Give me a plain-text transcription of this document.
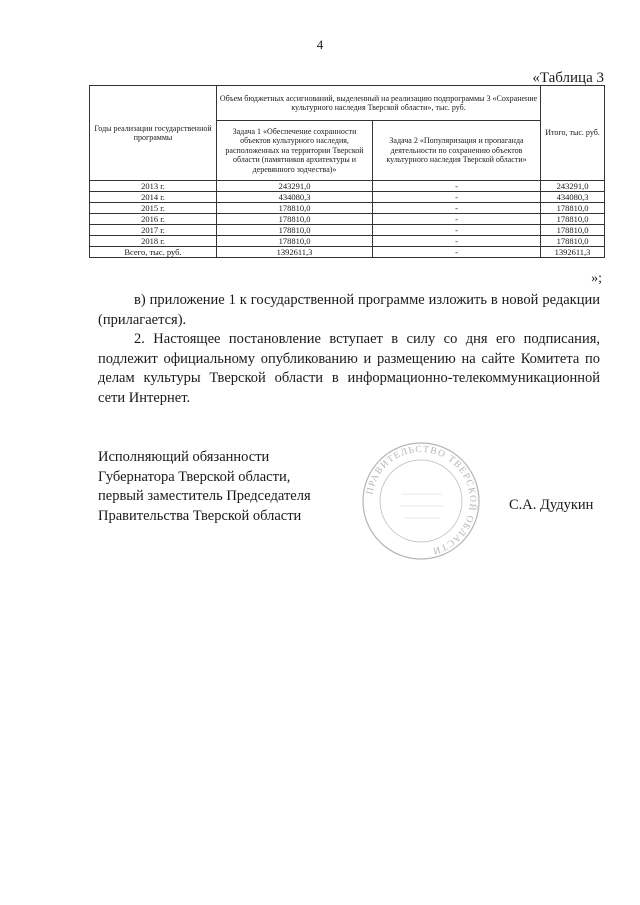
4
«Таблица 3
Годы реализации государственной программы	Объем бюджетных ассигнований, выделенный на реализацию подпрограммы 3 «Сохранение культурного наследия Тверской области», тыс. руб.		Итого, тыс. руб.
	Задача 1 «Обеспечение сохранности объектов культурного наследия, расположенных на территории Тверской области (памятников архитектуры и деревянного зодчества)»	Задача 2 «Популяризация и пропаганда деятельности по сохранению объектов культурного наследия Тверской области»	
2013 г.	243291,0	-	243291,0
2014 г.	434080,3	-	434080,3
2015 г.	178810,0	-	178810,0
2016 г.	178810,0	-	178810,0
2017 г.	178810,0	-	178810,0
2018 г.	178810,0	-	178810,0
Всего, тыс. руб.	1392611,3	-	1392611,3
»;

в) приложение 1 к государственной программе изложить в новой редакции (прилагается).

2. Настоящее постановление вступает в силу со дня его подписания, подлежит официальному опубликованию и размещению на сайте Комитета по делам культуры Тверской области в информационно-телекоммуникационной сети Интернет.

Исполняющий обязанности
Губернатора Тверской области,
первый заместитель Председателя
Правительства Тверской области
ПРАВИТЕЛЬСТВО ТВЕРСКОЙ ОБЛАСТИ
С.А. Дудукин
